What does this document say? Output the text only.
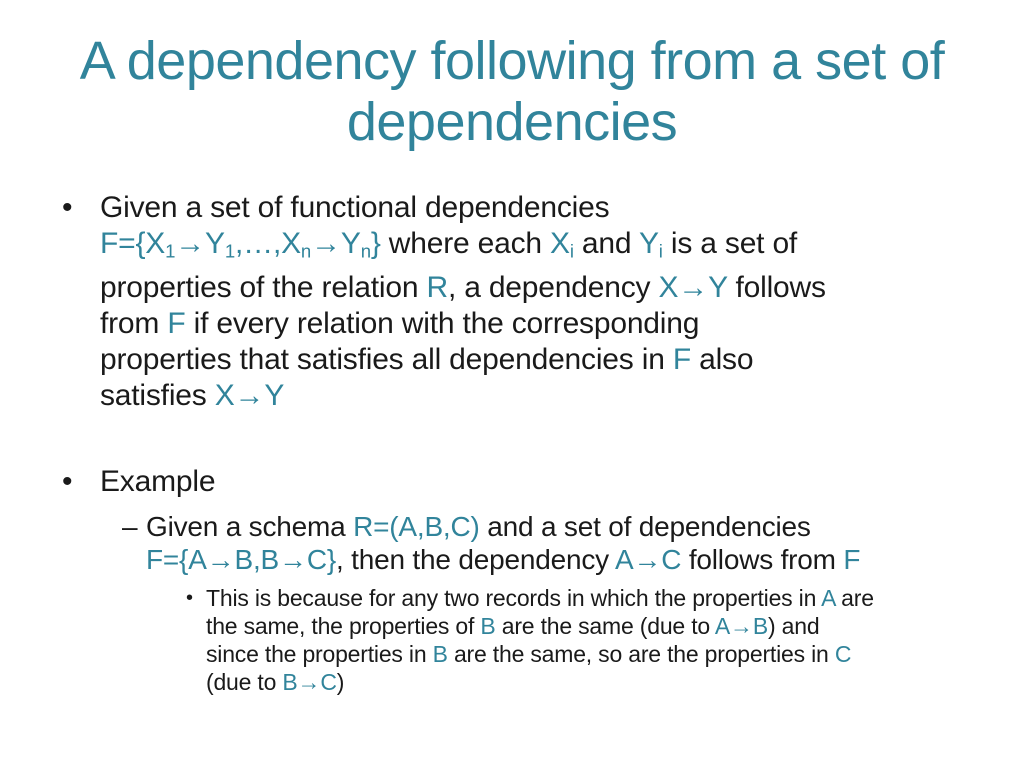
A dependency following from a set of
dependencies
• Given a set of functional dependencies
$F=\{X_1\to Y_1,\dots,X_n\to Y_n\}$ where each $X_i$ and $Y_i$ is a set of
properties of the relation R, a dependency X→Y follows
from F if every relation with the corresponding
properties that satisfies all dependencies in F also
satisfies X→Y
• Example
– Given a schema R=(A,B,C) and a set of dependencies
F={A→B,B→C}, then the dependency A→C follows from F
• This is because for any two records in which the properties in A are
the same, the properties of B are the same (due to A→B) and
since the properties in B are the same, so are the properties in C
(due to B→C)
